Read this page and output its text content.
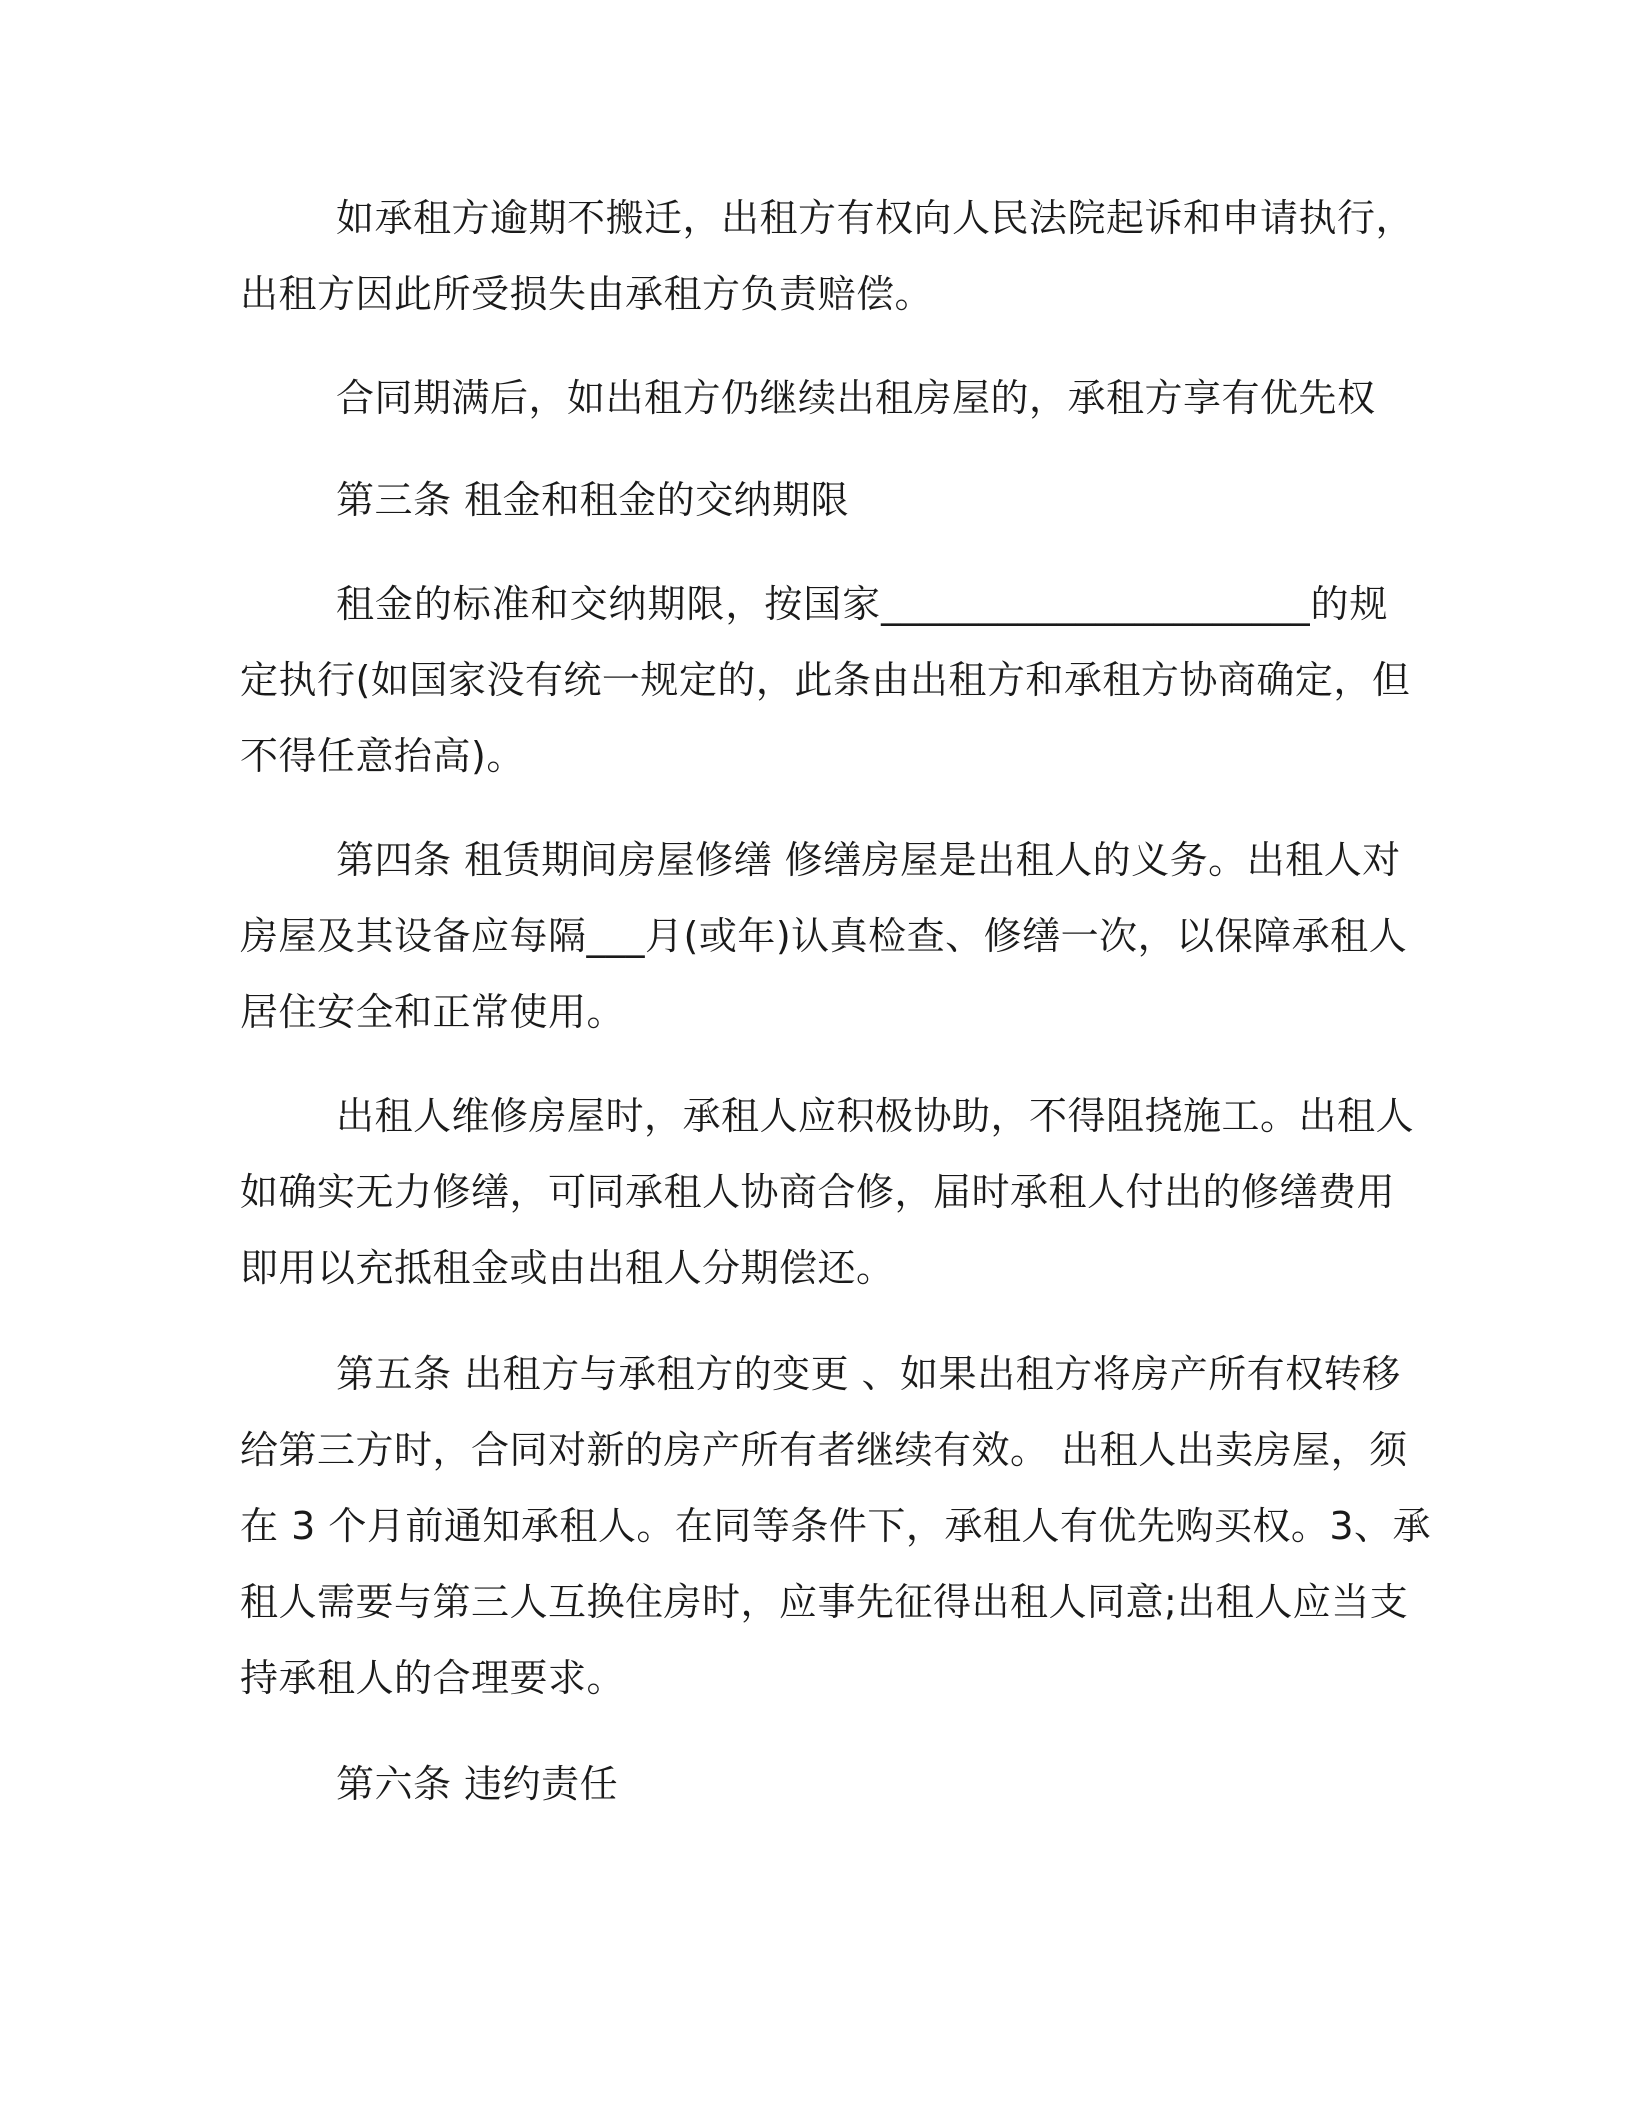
如承租方逾期不搬迁，出租方有权向人民法院起诉和申请执行，
出租方因此所受损失由承租方负责赔偿。
合同期满后，如出租方仍继续出租房屋的，承租方享有优先权
第三条 租金和租金的交纳期限
租金的标准和交纳期限，按国家______________________的规
定执行(如国家没有统一规定的，此条由出租方和承租方协商确定，但
不得任意抬高)。
第四条 租赁期间房屋修缮 修缮房屋是出租人的义务。出租人对
房屋及其设备应每隔___月(或年)认真检查、修缮一次，以保障承租人
居住安全和正常使用。
出租人维修房屋时，承租人应积极协助，不得阻挠施工。出租人
如确实无力修缮，可同承租人协商合修，届时承租人付出的修缮费用
即用以充抵租金或由出租人分期偿还。
第五条 出租方与承租方的变更 、如果出租方将房产所有权转移
给第三方时，合同对新的房产所有者继续有效。 出租人出卖房屋，须
在 3 个月前通知承租人。在同等条件下，承租人有优先购买权。3、承
租人需要与第三人互换住房时，应事先征得出租人同意;出租人应当支
持承租人的合理要求。
第六条 违约责任
